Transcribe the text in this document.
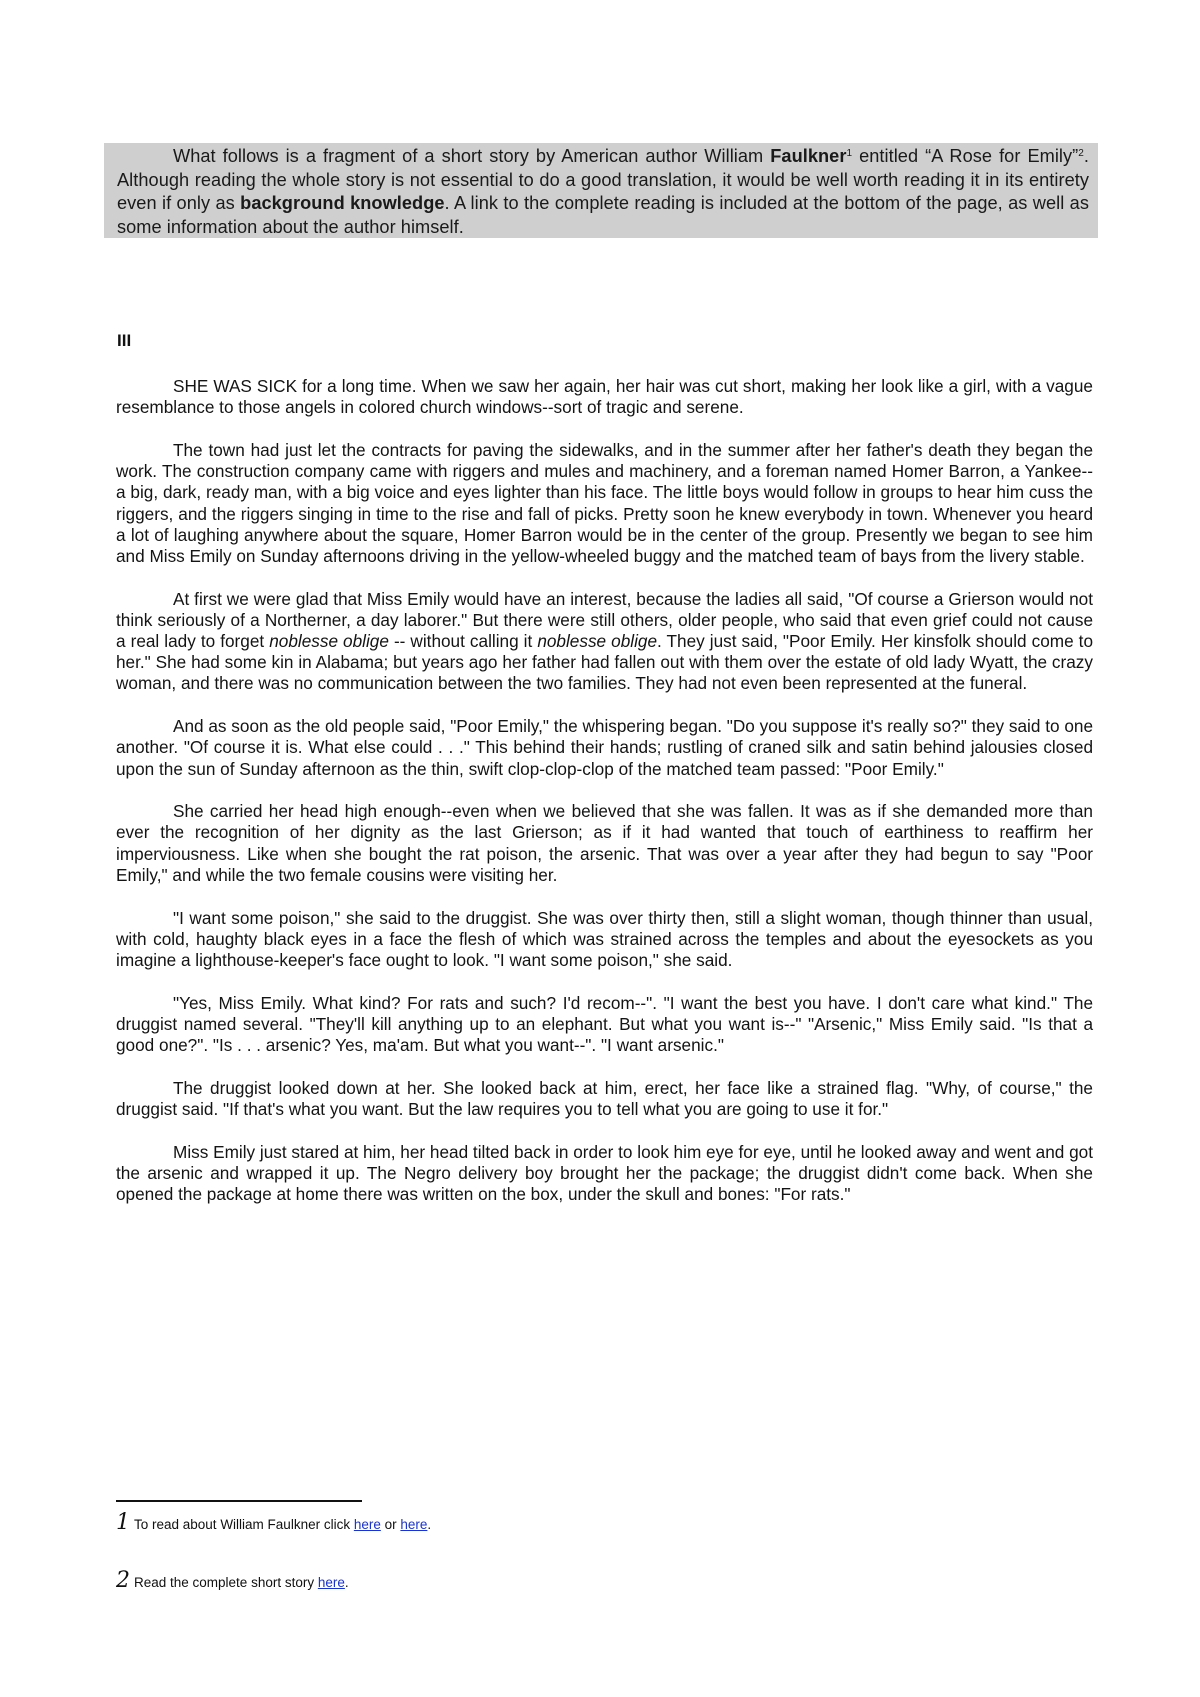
What follows is a fragment of a short story by American author William Faulkner$^1$ entitled “A Rose for Emily”$^2$. Although reading the whole story is not essential to do a good translation, it would be well worth reading it in its entirety even if only as background knowledge. A link to the complete reading is included at the bottom of the page, as well as some information about the author himself.
III

SHE WAS SICK for a long time. When we saw her again, her hair was cut short, making her look like a girl, with a vague resemblance to those angels in colored church windows--sort of tragic and serene.

The town had just let the contracts for paving the sidewalks, and in the summer after her father's death they began the work. The construction company came with riggers and mules and machinery, and a foreman named Homer Barron, a Yankee--a big, dark, ready man, with a big voice and eyes lighter than his face. The little boys would follow in groups to hear him cuss the riggers, and the riggers singing in time to the rise and fall of picks. Pretty soon he knew everybody in town. Whenever you heard a lot of laughing anywhere about the square, Homer Barron would be in the center of the group. Presently we began to see him and Miss Emily on Sunday afternoons driving in the yellow-wheeled buggy and the matched team of bays from the livery stable.

At first we were glad that Miss Emily would have an interest, because the ladies all said, "Of course a Grierson would not think seriously of a Northerner, a day laborer." But there were still others, older people, who said that even grief could not cause a real lady to forget noblesse oblige -- without calling it noblesse oblige. They just said, "Poor Emily. Her kinsfolk should come to her." She had some kin in Alabama; but years ago her father had fallen out with them over the estate of old lady Wyatt, the crazy woman, and there was no communication between the two families. They had not even been represented at the funeral.

And as soon as the old people said, "Poor Emily," the whispering began. "Do you suppose it's really so?" they said to one another. "Of course it is. What else could . . ." This behind their hands; rustling of craned silk and satin behind jalousies closed upon the sun of Sunday afternoon as the thin, swift clop-clop-clop of the matched team passed: "Poor Emily."

She carried her head high enough--even when we believed that she was fallen. It was as if she demanded more than ever the recognition of her dignity as the last Grierson; as if it had wanted that touch of earthiness to reaffirm her imperviousness. Like when she bought the rat poison, the arsenic. That was over a year after they had begun to say "Poor Emily," and while the two female cousins were visiting her.

"I want some poison," she said to the druggist. She was over thirty then, still a slight woman, though thinner than usual, with cold, haughty black eyes in a face the flesh of which was strained across the temples and about the eyesockets as you imagine a lighthouse-keeper's face ought to look. "I want some poison," she said.

"Yes, Miss Emily. What kind? For rats and such? I'd recom--". "I want the best you have. I don't care what kind." The druggist named several. "They'll kill anything up to an elephant. But what you want is--" "Arsenic," Miss Emily said. "Is that a good one?". "Is . . . arsenic? Yes, ma'am. But what you want--". "I want arsenic."

The druggist looked down at her. She looked back at him, erect, her face like a strained flag. "Why, of course," the druggist said. "If that's what you want. But the law requires you to tell what you are going to use it for."

Miss Emily just stared at him, her head tilted back in order to look him eye for eye, until he looked away and went and got the arsenic and wrapped it up. The Negro delivery boy brought her the package; the druggist didn't come back. When she opened the package at home there was written on the box, under the skull and bones: "For rats."

1 To read about William Faulkner click here or here.
2 Read the complete short story here.
